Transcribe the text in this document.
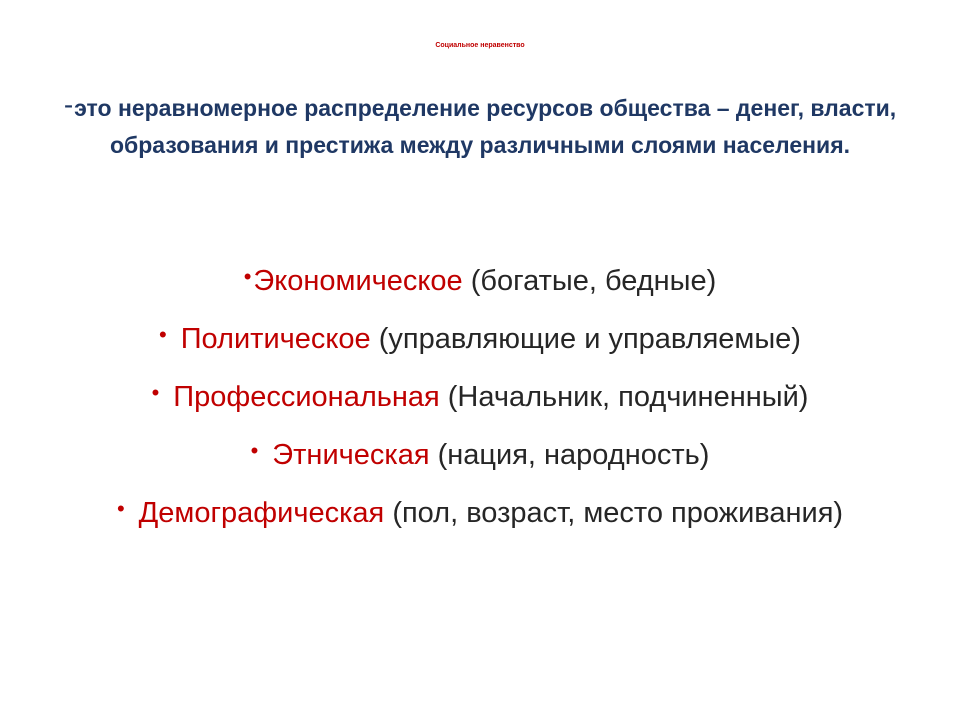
Социальное неравенство
-это неравномерное распределение ресурсов общества – денег, власти, образования и престижа между различными слоями населения.
•Экономическое (богатые, бедные)
• Политическое (управляющие и управляемые)
• Профессиональная (Начальник, подчиненный)
• Этническая (нация, народность)
• Демографическая (пол, возраст, место проживания)
